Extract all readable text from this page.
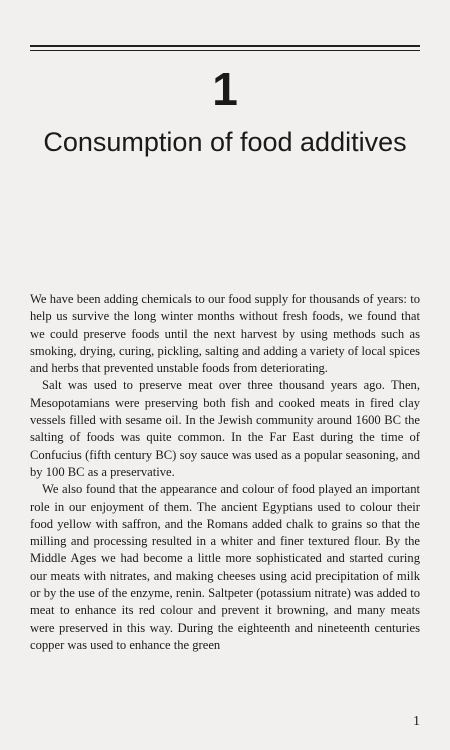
1
Consumption of food additives

We have been adding chemicals to our food supply for thousands of years: to help us survive the long winter months without fresh foods, we found that we could preserve foods until the next harvest by using methods such as smoking, drying, curing, pickling, salting and adding a variety of local spices and herbs that prevented unstable foods from deteriorating.

Salt was used to preserve meat over three thousand years ago. Then, Mesopotamians were preserving both fish and cooked meats in fired clay vessels filled with sesame oil. In the Jewish community around 1600 BC the salting of foods was quite common. In the Far East during the time of Confucius (fifth century BC) soy sauce was used as a popular seasoning, and by 100 BC as a preservative.

We also found that the appearance and colour of food played an important role in our enjoyment of them. The ancient Egyptians used to colour their food yellow with saffron, and the Romans added chalk to grains so that the milling and processing resulted in a whiter and finer textured flour. By the Middle Ages we had become a little more sophisticated and started curing our meats with nitrates, and making cheeses using acid precipitation of milk or by the use of the enzyme, renin. Saltpeter (potassium nitrate) was added to meat to enhance its red colour and prevent it browning, and many meats were preserved in this way. During the eighteenth and nineteenth centuries copper was used to enhance the green

1
